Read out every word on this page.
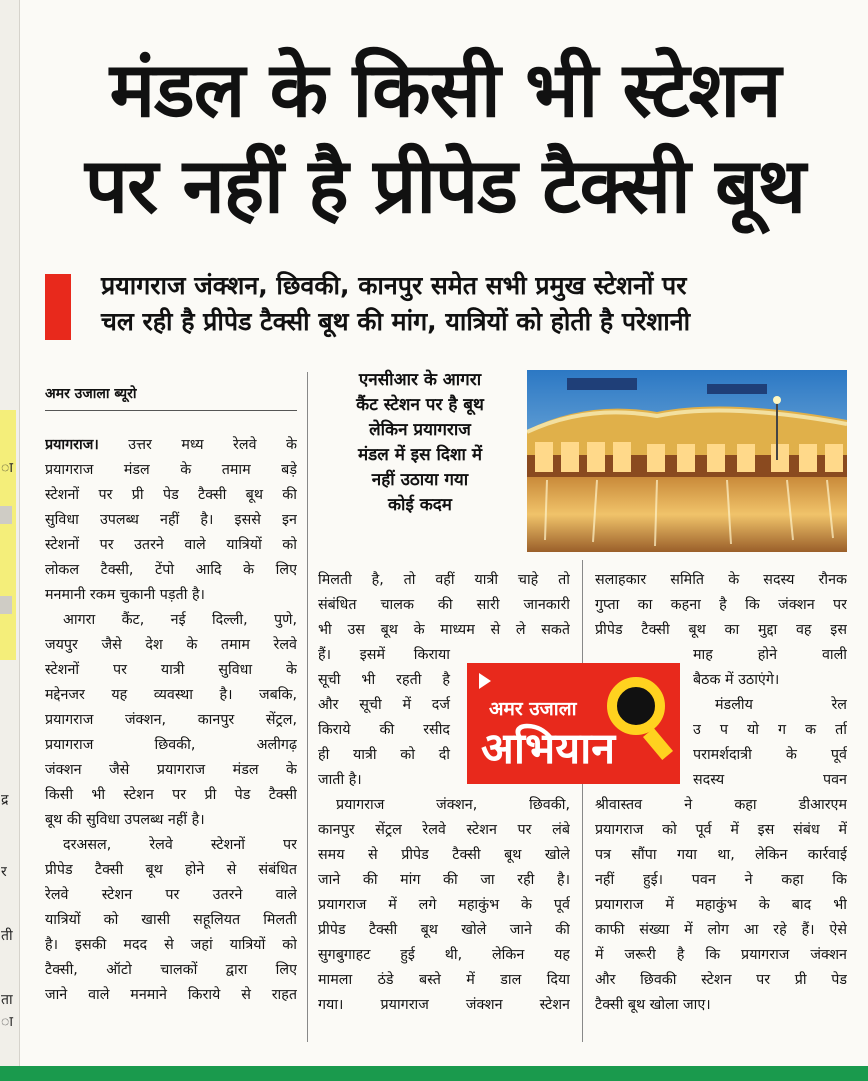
ा
द्र
र
ती
ता
ा
मंडल के किसी भी स्टेशन
पर नहीं है प्रीपेड टैक्सी बूथ
प्रयागराज जंक्शन, छिवकी, कानपुर समेत सभी प्रमुख स्टेशनों पर
चल रही है प्रीपेड टैक्सी बूथ की मांग, यात्रियों को होती है परेशानी
अमर उजाला ब्यूरो
एनसीआर के आगरा
कैंट स्टेशन पर है बूथ
लेकिन प्रयागराज
मंडल में इस दिशा में
नहीं उठाया गया
कोई कदम
प्रयागराज। उत्तर मध्य रेलवे के
प्रयागराज मंडल के तमाम बड़े
स्टेशनों पर प्री पेड टैक्सी बूथ की
सुविधा उपलब्ध नहीं है। इससे इन
स्टेशनों पर उतरने वाले यात्रियों को
लोकल टैक्सी, टेंपो आदि के लिए
मनमानी रकम चुकानी पड़ती है।
आगरा कैंट, नई दिल्ली, पुणे,
जयपुर जैसे देश के तमाम रेलवे
स्टेशनों पर यात्री सुविधा के
मद्देनजर यह व्यवस्था है। जबकि,
प्रयागराज जंक्शन, कानपुर सेंट्रल,
प्रयागराज छिवकी, अलीगढ़
जंक्शन जैसे प्रयागराज मंडल के
किसी भी स्टेशन पर प्री पेड टैक्सी
बूथ की सुविधा उपलब्ध नहीं है।
दरअसल, रेलवे स्टेशनों पर
प्रीपेड टैक्सी बूथ होने से संबंधित
रेलवे स्टेशन पर उतरने वाले
यात्रियों को खासी सहूलियत मिलती
है। इसकी मदद से जहां यात्रियों को
टैक्सी, ऑटो चालकों द्वारा लिए
जाने वाले मनमाने किराये से राहत
मिलती है, तो वहीं यात्री चाहे तो
संबंधित चालक की सारी जानकारी
भी उस बूथ के माध्यम से ले सकते
हैं। इसमें किराया
सूची भी रहती है
और सूची में दर्ज
किराये की रसीद
ही यात्री को दी
जाती है।
प्रयागराज जंक्शन, छिवकी,
कानपुर सेंट्रल रेलवे स्टेशन पर लंबे
समय से प्रीपेड टैक्सी बूथ खोले
जाने की मांग की जा रही है।
प्रयागराज में लगे महाकुंभ के पूर्व
प्रीपेड टैक्सी बूथ खोले जाने की
सुगबुगाहट हुई थी, लेकिन यह
मामला ठंडे बस्ते में डाल दिया
गया। प्रयागराज जंक्शन स्टेशन
सलाहकार समिति के सदस्य रौनक
गुप्ता का कहना है कि जंक्शन पर
प्रीपेड टैक्सी बूथ का मुद्दा वह इस
माह होने वाली
बैठक में उठाएंगे।
मंडलीय रेल
उ प यो ग क र्ता
परामर्शदात्री के पूर्व
सदस्य पवन
श्रीवास्तव ने कहा डीआरएम
प्रयागराज को पूर्व में इस संबंध में
पत्र सौंपा गया था, लेकिन कार्रवाई
नहीं हुई। पवन ने कहा कि
प्रयागराज में महाकुंभ के बाद भी
काफी संख्या में लोग आ रहे हैं। ऐसे
में जरूरी है कि प्रयागराज जंक्शन
और छिवकी स्टेशन पर प्री पेड
टैक्सी बूथ खोला जाए।
अमर उजाला
अभियान
